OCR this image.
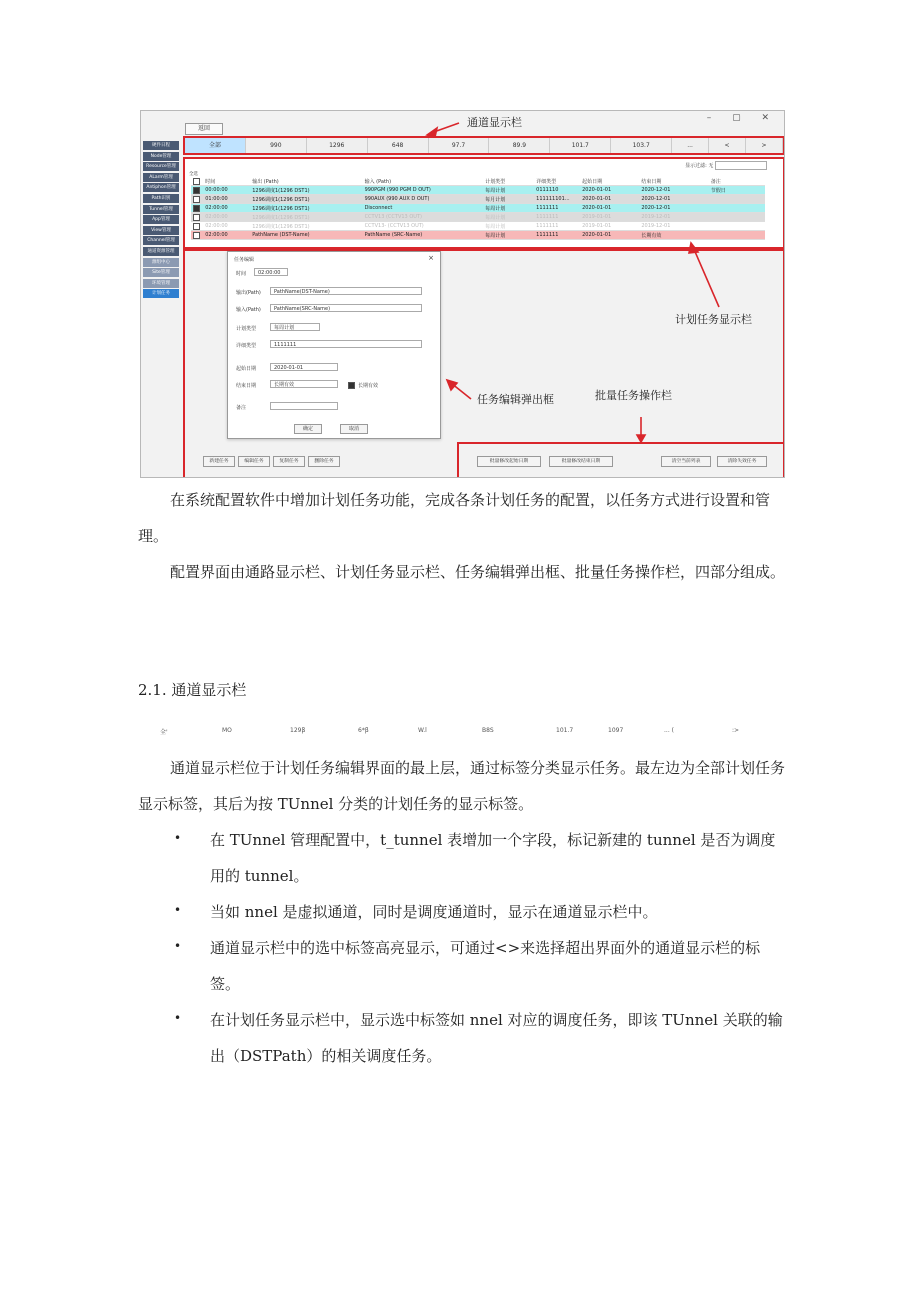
– ▢ ✕
返回
全部	990	1296	648	97.7	89.9	101.7	103.7	...	<	>
硬件日程
Node管理
Resource管理
ALarm管理
Antiphon管理
Path识别
Tunnel管理
App管理
View管理
Channel管理
通道资源管理
源组中心
Site管理
环境管理
计划任务
显示过滤: 无
全选
	时间	输出 (Path)	输入 (Path)	计划类型	详细类型	起始日期	结束日期	备注
	00:00:00	1296调度1(1296 DST1)	990PGM (990 PGM D OUT)	每周计划	0111110	2020-01-01	2020-12-01	节假日
	01:00:00	1296调度1(1296 DST1)	990AUX (990 AUX D OUT)	每月计划	111111101...	2020-01-01	2020-12-01	
	02:00:00	1296调度1(1296 DST1)	Disconnect	每周计划	1111111	2020-01-01	2020-12-01	
	02:00:00	1296调度1(1296 DST1)	CCTV13 (CCTV13 OUT)	每周计划	1111111	2019-01-01	2019-12-01	
	02:00:00	1296调度1(1296 DST1)	CCTV13- (CCTV13 OUT)	每周计划	1111111	2019-01-01	2019-12-01	
	02:00:00	PathName (DST-Name)	PathName (SRC-Name)	每周计划	1111111	2020-01-01	长期有效	
任务编辑	×
时间	02:00:00
输出(Path)	PathName(DST-Name)
输入(Path)	PathName(SRC-Name)
计划类型	每周计划
详细类型	1111111
起始日期	2020-01-01
结束日期	长期有效	长期有效
备注
确定	取消
新建任务	编辑任务	复制任务	删除任务	批量修改起始日期	批量修改结束日期	清空当前列表	清除失效任务
通道显示栏
计划任务显示栏
任务编辑弹出框	批量任务操作栏
在系统配置软件中增加计划任务功能，完成各条计划任务的配置，以任务方式进行设置和管理。
配置界面由通路显示栏、计划任务显示栏、任务编辑弹出框、批量任务操作栏，四部分组成。
2.1. 通道显示栏
全'	MO	129β	6*β	W.l	B8S	101.7	1097	... (	:>
通道显示栏位于计划任务编辑界面的最上层，通过标签分类显示任务。最左边为全部计划任务显示标签，其后为按 TUnnel 分类的计划任务的显示标签。
• 在 TUnnel 管理配置中，t_tunnel 表增加一个字段，标记新建的 tunnel 是否为调度用的 tunnel。
• 当如 nnel 是虚拟通道，同时是调度通道时，显示在通道显示栏中。
• 通道显示栏中的选中标签高亮显示，可通过<>来选择超出界面外的通道显示栏的标签。
• 在计划任务显示栏中，显示选中标签如 nnel 对应的调度任务，即该 TUnnel 关联的输出（DSTPath）的相关调度任务。
